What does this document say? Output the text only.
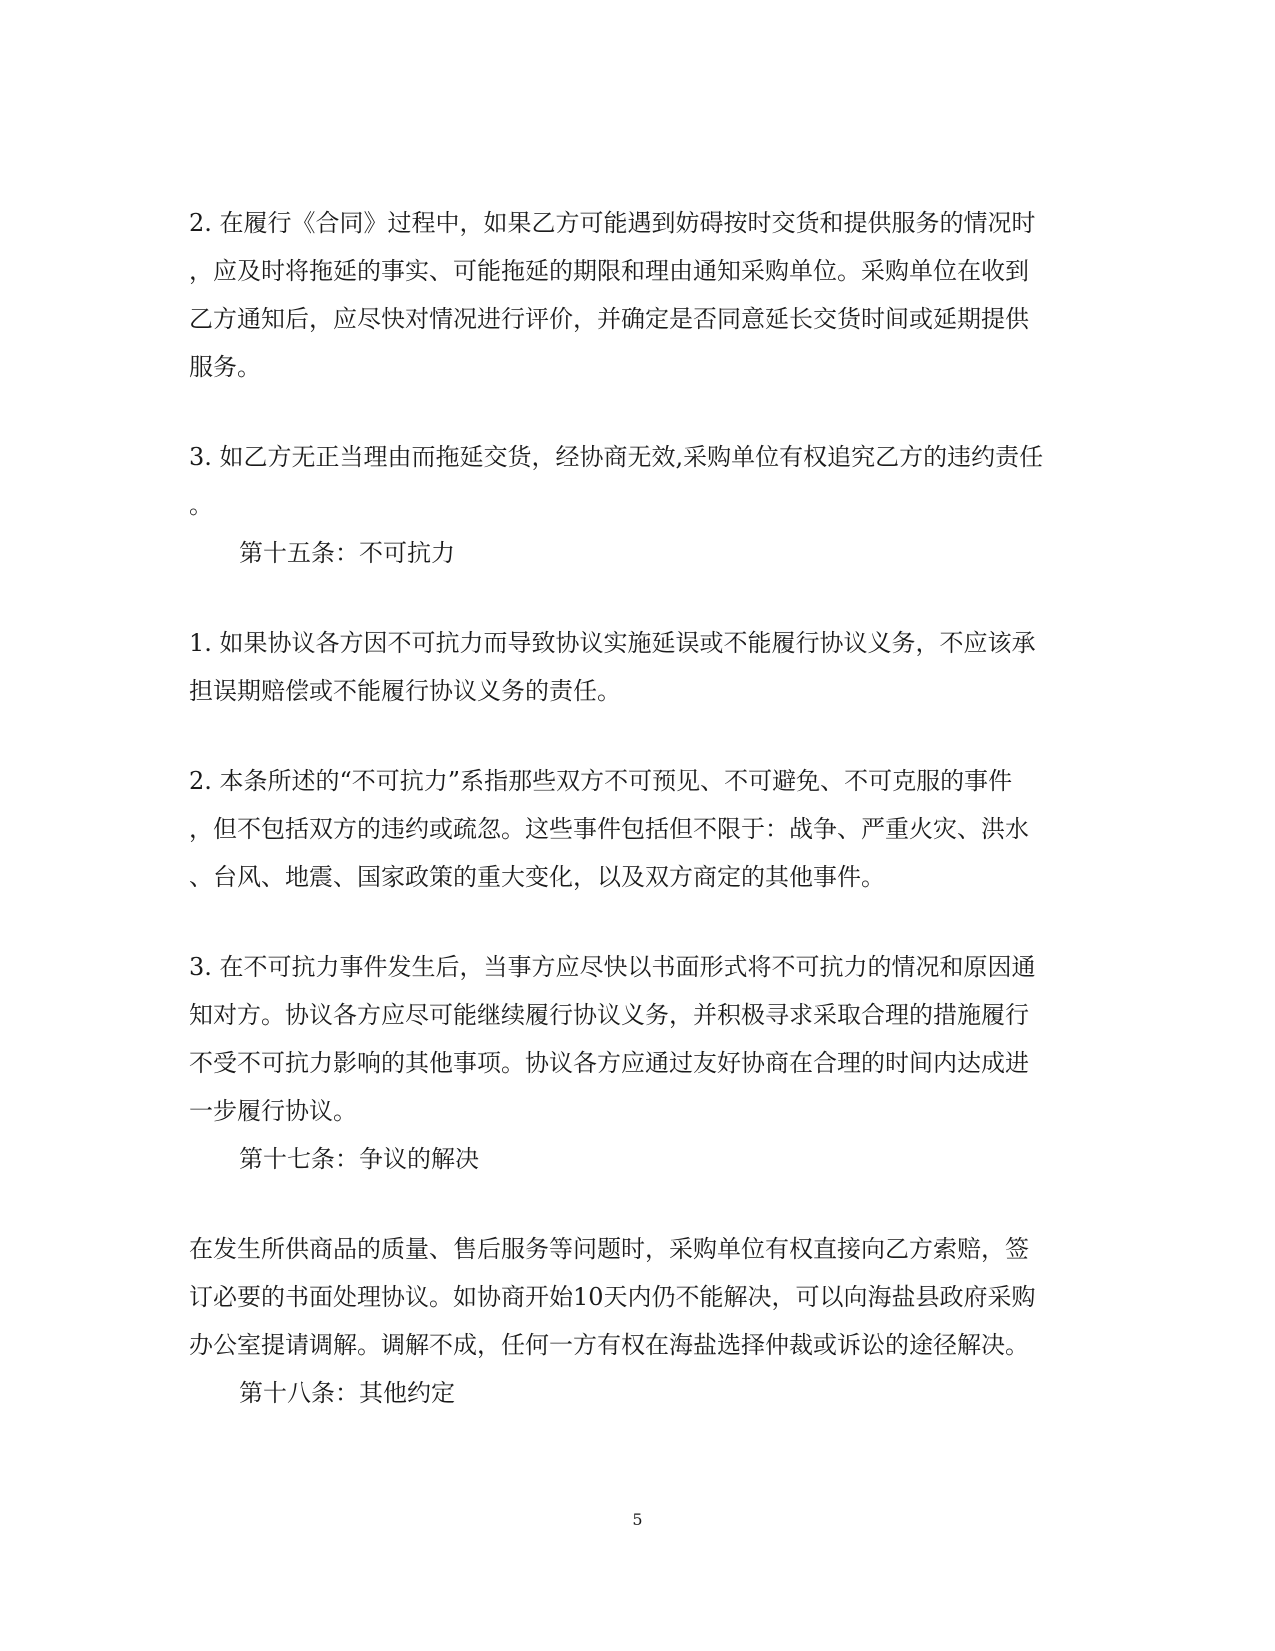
2. 在履行《合同》过程中，如果乙方可能遇到妨碍按时交货和提供服务的情况时
，应及时将拖延的事实、可能拖延的期限和理由通知采购单位。采购单位在收到
乙方通知后，应尽快对情况进行评价，并确定是否同意延长交货时间或延期提供
服务。
3. 如乙方无正当理由而拖延交货，经协商无效,采购单位有权追究乙方的违约责任
。
第十五条：不可抗力
1. 如果协议各方因不可抗力而导致协议实施延误或不能履行协议义务，不应该承
担误期赔偿或不能履行协议义务的责任。
2. 本条所述的“不可抗力”系指那些双方不可预见、不可避免、不可克服的事件
，但不包括双方的违约或疏忽。这些事件包括但不限于：战争、严重火灾、洪水
、台风、地震、国家政策的重大变化，以及双方商定的其他事件。
3. 在不可抗力事件发生后，当事方应尽快以书面形式将不可抗力的情况和原因通
知对方。协议各方应尽可能继续履行协议义务，并积极寻求采取合理的措施履行
不受不可抗力影响的其他事项。协议各方应通过友好协商在合理的时间内达成进
一步履行协议。
第十七条：争议的解决
在发生所供商品的质量、售后服务等问题时，采购单位有权直接向乙方索赔，签
订必要的书面处理协议。如协商开始10天内仍不能解决，可以向海盐县政府采购
办公室提请调解。调解不成，任何一方有权在海盐选择仲裁或诉讼的途径解决。
第十八条：其他约定
5
